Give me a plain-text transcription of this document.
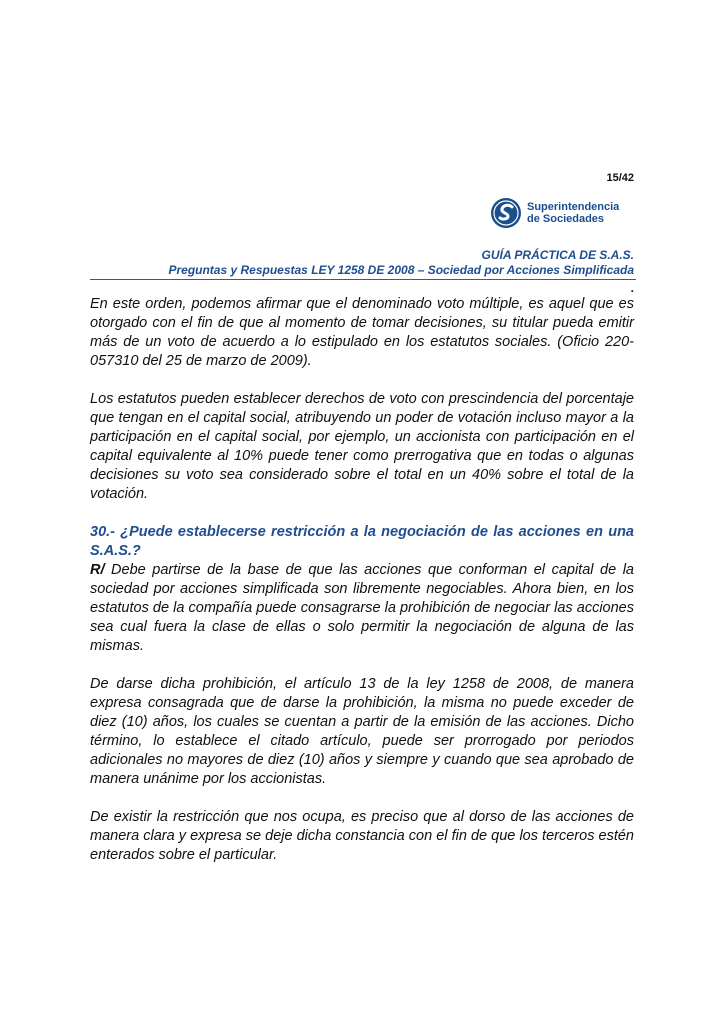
15/42
Superintendencia
de Sociedades
GUÍA PRÁCTICA DE S.A.S.
Preguntas y Respuestas LEY 1258 DE 2008 – Sociedad por Acciones Simplificada
.

En este orden, podemos afirmar que el denominado voto múltiple, es aquel que es otorgado con el fin de que al momento de tomar decisiones, su titular pueda emitir más de un voto de acuerdo a lo estipulado en los estatutos sociales. (Oficio 220-057310 del 25 de marzo de 2009).

Los estatutos pueden establecer derechos de voto con prescindencia del porcentaje que tengan en el capital social, atribuyendo un poder de votación incluso mayor a la participación en el capital social, por ejemplo, un accionista con participación en el capital equivalente al 10% puede tener como prerrogativa que en todas o algunas decisiones su voto sea considerado sobre el total en un 40% sobre el total de la votación.

30.- ¿Puede establecerse restricción a la negociación de las acciones en una S.A.S.?

R/ Debe partirse de la base de que las acciones que conforman el capital de la sociedad por acciones simplificada son libremente negociables. Ahora bien, en los estatutos de la compañía puede consagrarse la prohibición de negociar las acciones sea cual fuera la clase de ellas o solo permitir la negociación de alguna de las mismas.

De darse dicha prohibición, el artículo 13 de la ley 1258 de 2008, de manera expresa consagrada que de darse la prohibición, la misma no puede exceder de diez (10) años, los cuales se cuentan a partir de la emisión de las acciones. Dicho término, lo establece el citado artículo, puede ser prorrogado por periodos adicionales no mayores de diez (10) años y siempre y cuando que sea aprobado de manera unánime por los accionistas.

De existir la restricción que nos ocupa, es preciso que al dorso de las acciones de manera clara y expresa se deje dicha constancia con el fin de que los terceros estén enterados sobre el particular.
